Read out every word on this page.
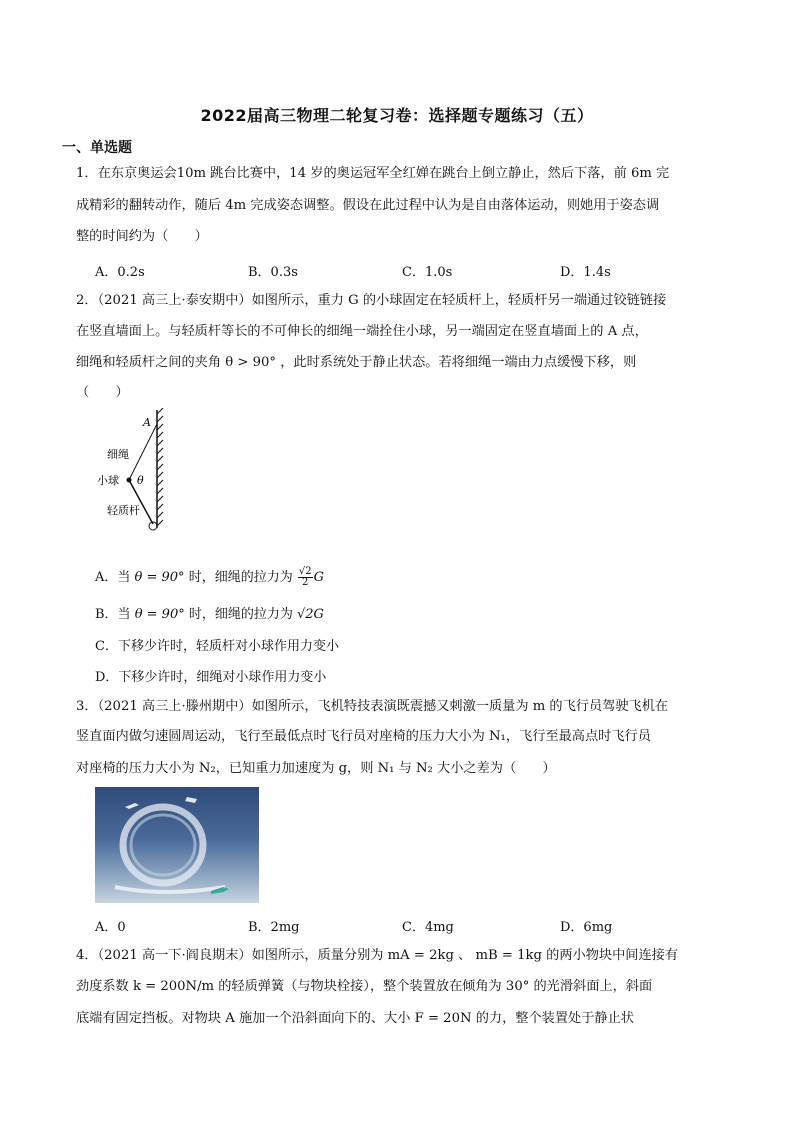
2022届高三物理二轮复习卷：选择题专题练习（五）
一、单选题
1．在东京奥运会10m 跳台比赛中，14 岁的奥运冠军全红婵在跳台上倒立静止，然后下落，前 6m 完
成精彩的翻转动作，随后 4m 完成姿态调整。假设在此过程中认为是自由落体运动，则她用于姿态调
整的时间约为（　　）
A．0.2s	B．0.3s	C．1.0s	D．1.4s
2．（2021 高三上·泰安期中）如图所示，重力 G 的小球固定在轻质杆上，轻质杆另一端通过铰链链接
在竖直墙面上。与轻质杆等长的不可伸长的细绳一端拴住小球，另一端固定在竖直墙面上的 A 点，
细绳和轻质杆之间的夹角 θ > 90° ，此时系统处于静止状态。若将细绳一端由力点缓慢下移，则
（　　）
A
细绳
小球 θ
轻质杆
A．当 θ = 90° 时，细绳的拉力为 $\frac{√2}{2}$ G
B．当 θ = 90° 时，细绳的拉力为 √2G
C．下移少许时，轻质杆对小球作用力变小
D．下移少许时，细绳对小球作用力变小
3．（2021 高三上·滕州期中）如图所示，飞机特技表演既震撼又刺激一质量为 m 的飞行员驾驶飞机在
竖直面内做匀速圆周运动，飞行至最低点时飞行员对座椅的压力大小为 N₁，飞行至最高点时飞行员
对座椅的压力大小为 N₂，已知重力加速度为 g，则 N₁ 与 N₂ 大小之差为（　　）
A．0	B．2mg	C．4mg	D．6mg
4．（2021 高一下·阎良期末）如图所示，质量分别为 mA = 2kg 、 mB = 1kg 的两小物块中间连接有
劲度系数 k = 200N/m 的轻质弹簧（与物块栓接），整个装置放在倾角为 30° 的光滑斜面上，斜面
底端有固定挡板。对物块 A 施加一个沿斜面向下的、大小 F = 20N 的力，整个装置处于静止状
